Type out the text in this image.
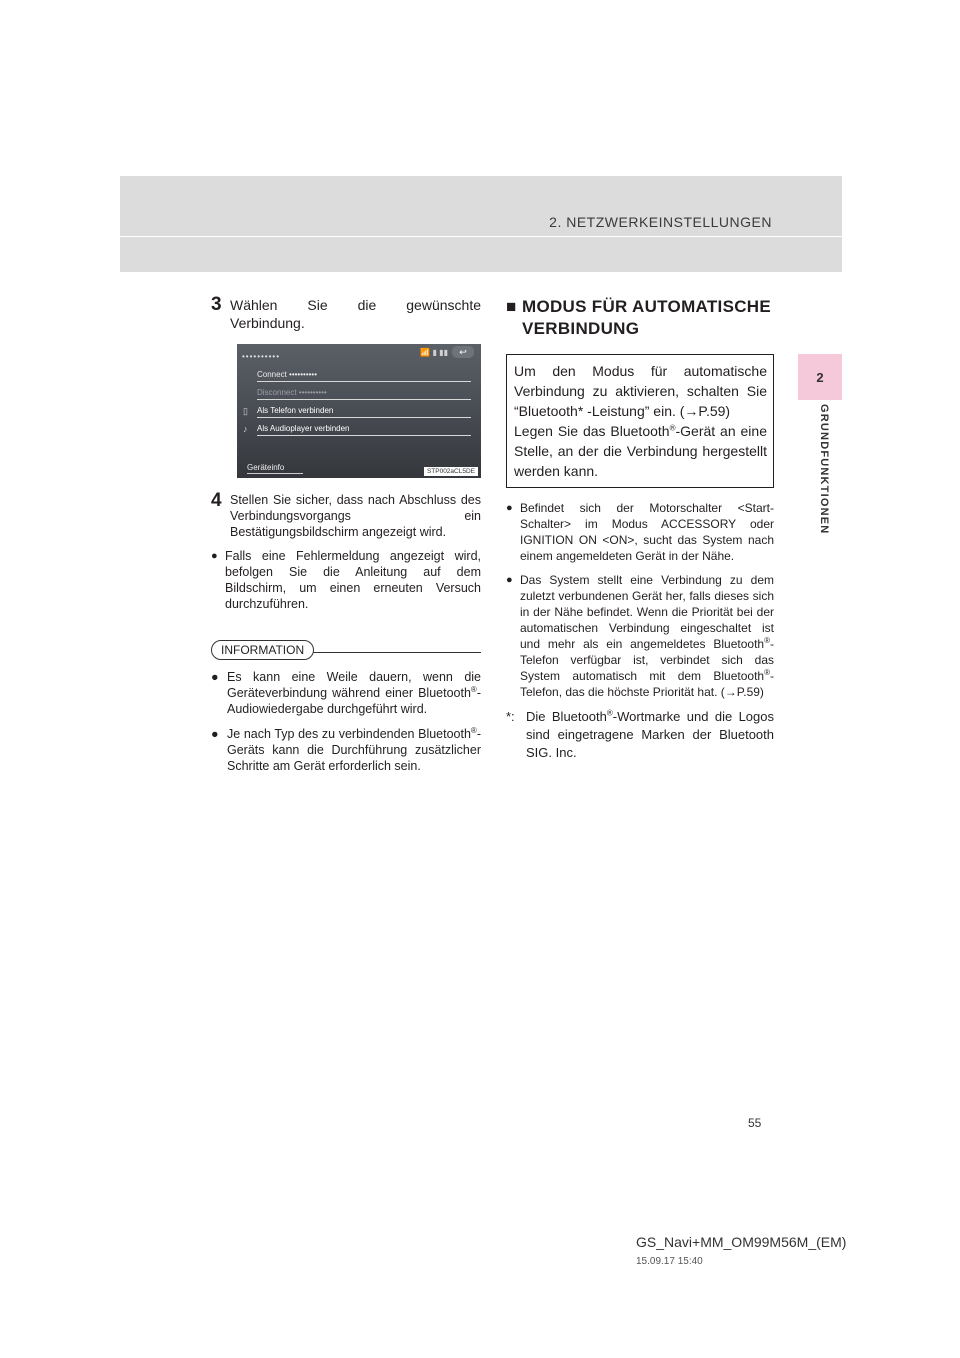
2. NETZWERKEINSTELLUNGEN
2
GRUNDFUNKTIONEN
3 Wählen Sie die gewünschte Verbindung.
••••••••••	📶 ▮ ▮▮	↩
Connect ••••••••••
Disconnect ••••••••••
▯ Als Telefon verbinden
♪ Als Audioplayer verbinden
Geräteinfo	STP002aCL5DE
4 Stellen Sie sicher, dass nach Abschluss des Verbindungsvorgangs ein Bestätigungsbildschirm angezeigt wird.
● Falls eine Fehlermeldung angezeigt wird, befolgen Sie die Anleitung auf dem Bildschirm, um einen erneuten Versuch durchzuführen.
INFORMATION
● Es kann eine Weile dauern, wenn die Geräteverbindung während einer Bluetooth®-Audiowiedergabe durchgeführt wird.
● Je nach Typ des zu verbindenden Bluetooth®-Geräts kann die Durchführung zusätzlicher Schritte am Gerät erforderlich sein.
■ MODUS FÜR AUTOMATISCHE VERBINDUNG
Um den Modus für automatische Verbindung zu aktivieren, schalten Sie “Bluetooth* -Leistung” ein. (→P.59)
Legen Sie das Bluetooth®-Gerät an eine Stelle, an der die Verbindung hergestellt werden kann.
● Befindet sich der Motorschalter <Start-Schalter> im Modus ACCESSORY oder IGNITION ON <ON>, sucht das System nach einem angemeldeten Gerät in der Nähe.
● Das System stellt eine Verbindung zu dem zuletzt verbundenen Gerät her, falls dieses sich in der Nähe befindet. Wenn die Priorität bei der automatischen Verbindung eingeschaltet ist und mehr als ein angemeldetes Bluetooth®-Telefon verfügbar ist, verbindet sich das System automatisch mit dem Bluetooth®-Telefon, das die höchste Priorität hat. (→P.59)
*: Die Bluetooth®-Wortmarke und die Logos sind eingetragene Marken der Bluetooth SIG. Inc.
55
GS_Navi+MM_OM99M56M_(EM)
15.09.17 15:40
